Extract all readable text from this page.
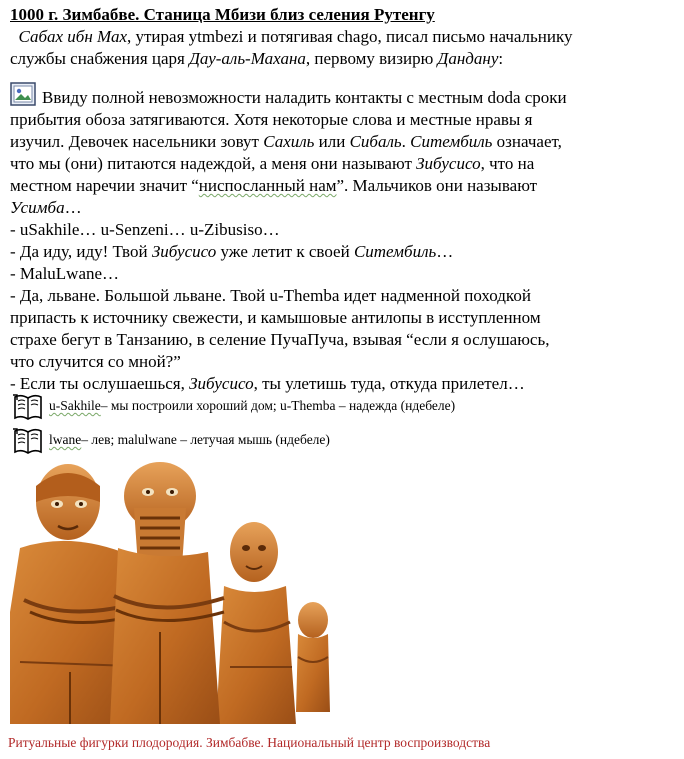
1000 г. Зимбабве. Станица Мбизи близ селения Рутенгу
Сабах ибн Мах, утирая ytmbezi и потягивая chago, писал письмо начальнику
службы снабжения царя Дау-аль-Махана, первому визирю Дандану:
Ввиду полной невозможности наладить контакты с местным doda сроки
прибытия обоза затягиваются. Хотя некоторые слова и местные нравы я
изучил. Девочек насельники зовут Сахиль или Сибаль. Ситембиль означает,
что мы (они) питаются надеждой, а меня они называют Зибусисо, что на
местном наречии значит “ниспосланный нам”. Мальчиков они называют
Усимба…
- uSakhile… u-Senzeni… u-Zibusiso…
- Да иду, иду! Твой Зибусисо уже летит к своей Ситембиль…
- MaluLwane…
- Да, льване. Большой льване. Твой u-Themba идет надменной походкой
припасть к источнику свежести, и камышовые антилопы в исступленном
страхе бегут в Танзанию, в селение ПучаПуча, взывая “если я ослушаюсь,
что случится со мной?”
- Если ты ослушаешься, Зибусисо, ты улетишь туда, откуда прилетел…
u-Sakhile – мы построили хороший дом; u-Themba – надежда (ндебеле)
lwane – лев; malulwane – летучая мышь (ндебеле)
Ритуальные фигурки плодородия. Зимбабве. Национальный центр воспроизводства
